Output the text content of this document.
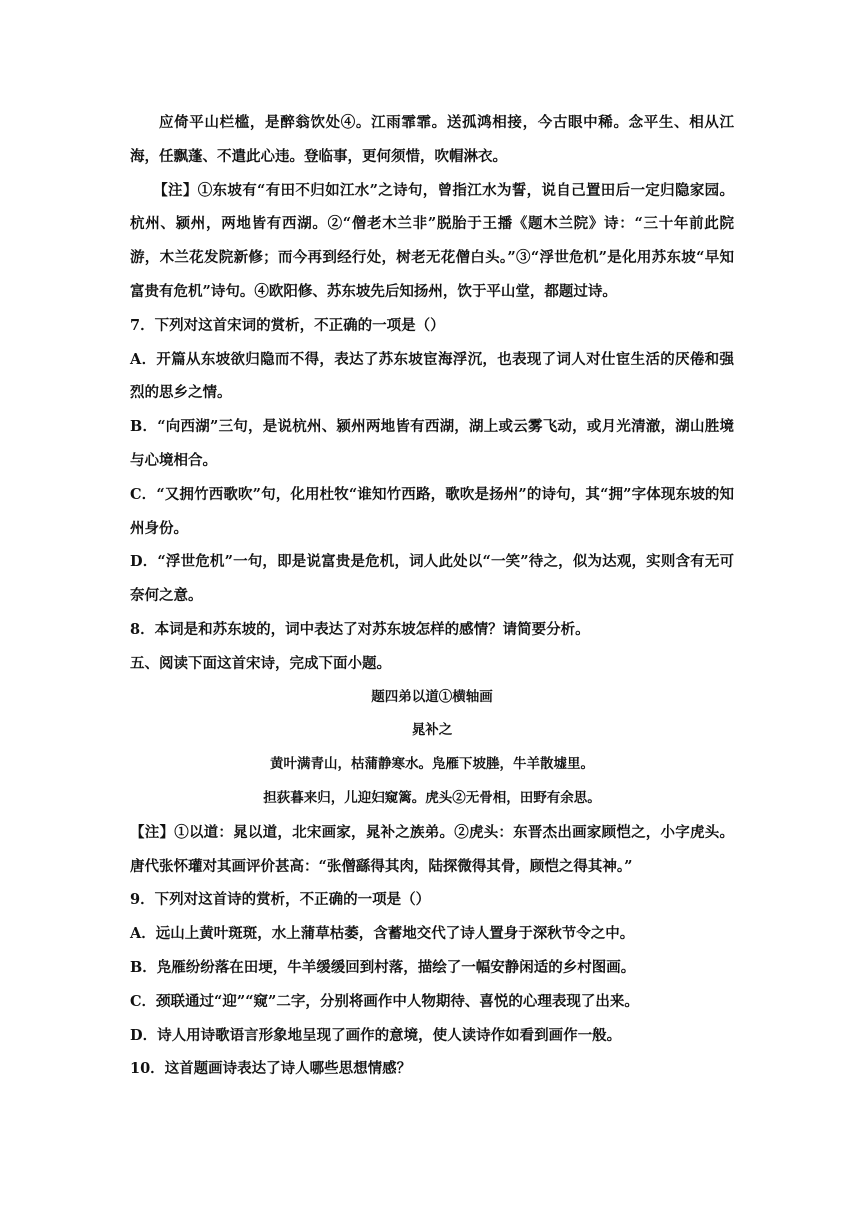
应倚平山栏槛，是醉翁饮处④。江雨霏霏。送孤鸿相接，今古眼中稀。念平生、相从江海，任飘蓬、不遣此心违。登临事，更何须惜，吹帽淋衣。

【注】①东坡有“有田不归如江水”之诗句，曾指江水为誓，说自己置田后一定归隐家园。杭州、颍州，两地皆有西湖。②“僧老木兰非”脱胎于王播《题木兰院》诗：“三十年前此院游，木兰花发院新修；而今再到经行处，树老无花僧白头。”③“浮世危机”是化用苏东坡“早知富贵有危机”诗句。④欧阳修、苏东坡先后知扬州，饮于平山堂，都题过诗。

7．下列对这首宋词的赏析，不正确的一项是（）

A．开篇从东坡欲归隐而不得，表达了苏东坡宦海浮沉，也表现了词人对仕宦生活的厌倦和强烈的思乡之情。

B．“向西湖”三句，是说杭州、颍州两地皆有西湖，湖上或云雾飞动，或月光清澈，湖山胜境与心境相合。

C．“又拥竹西歌吹”句，化用杜牧“谁知竹西路，歌吹是扬州”的诗句，其“拥”字体现东坡的知州身份。

D．“浮世危机”一句，即是说富贵是危机，词人此处以“一笑”待之，似为达观，实则含有无可奈何之意。

8．本词是和苏东坡的，词中表达了对苏东坡怎样的感情？请简要分析。

五、阅读下面这首宋诗，完成下面小题。

题四弟以道①横轴画

晁补之

黄叶满青山，枯蒲静寒水。凫雁下坡塍，牛羊散墟里。

担荻暮来归，儿迎妇窥篱。虎头②无骨相，田野有余思。

【注】①以道：晁以道，北宋画家，晁补之族弟。②虎头：东晋杰出画家顾恺之，小字虎头。唐代张怀瓘对其画评价甚高：“张僧繇得其肉，陆探微得其骨，顾恺之得其神。”

9．下列对这首诗的赏析，不正确的一项是（）

A．远山上黄叶斑斑，水上蒲草枯萎，含蓄地交代了诗人置身于深秋节令之中。

B．凫雁纷纷落在田埂，牛羊缓缓回到村落，描绘了一幅安静闲适的乡村图画。

C．颈联通过“迎”“窥”二字，分别将画作中人物期待、喜悦的心理表现了出来。

D．诗人用诗歌语言形象地呈现了画作的意境，使人读诗作如看到画作一般。

10．这首题画诗表达了诗人哪些思想情感？
